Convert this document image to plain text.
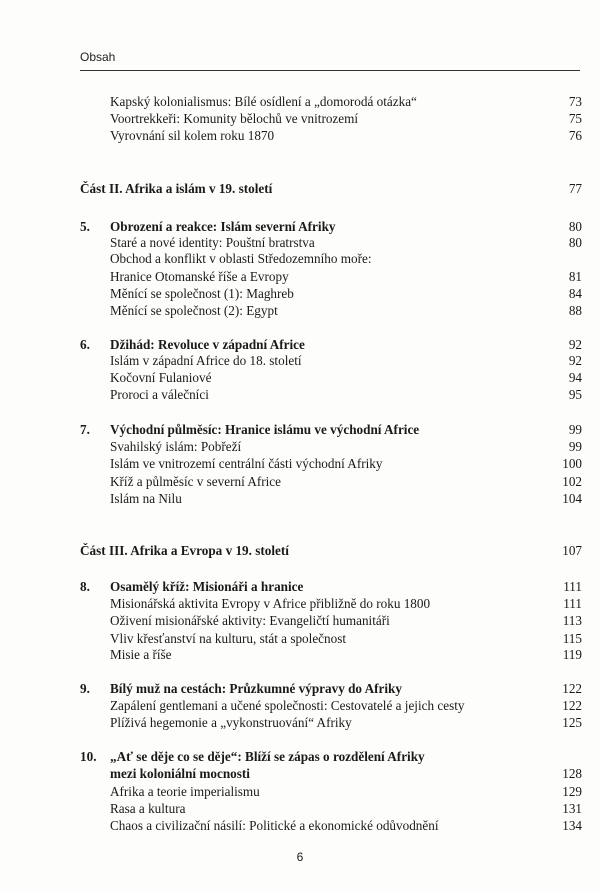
Obsah
Kapský kolonialismus: Bílé osídlení a „domorodá otázka“	73
Voortrekkeři: Komunity bělochů ve vnitrozemí	75
Vyrovnání sil kolem roku 1870	76
Část II. Afrika a islám v 19. století	77
5.	Obrození a reakce: Islám severní Afriky	80
Staré a nové identity: Pouštní bratrstva	80
Obchod a konflikt v oblasti Středozemního moře:
Hranice Otomanské říše a Evropy	81
Měnící se společnost (1): Maghreb	84
Měnící se společnost (2): Egypt	88
6.	Džihád: Revoluce v západní Africe	92
Islám v západní Africe do 18. století	92
Kočovní Fulaniové	94
Proroci a válečníci	95
7.	Východní půlměsíc: Hranice islámu ve východní Africe	99
Svahilský islám: Pobřeží	99
Islám ve vnitrozemí centrální části východní Afriky	100
Kříž a půlměsíc v severní Africe	102
Islám na Nilu	104
Část III. Afrika a Evropa v 19. století	107
8.	Osamělý kříž: Misionáři a hranice	111
Misionářská aktivita Evropy v Africe přibližně do roku 1800	111
Oživení misionářské aktivity: Evangeličtí humanitáři	113
Vliv křesťanství na kulturu, stát a společnost	115
Misie a říše	119
9.	Bílý muž na cestách: Průzkumné výpravy do Afriky	122
Zapálení gentlemani a učené společnosti: Cestovatelé a jejich cesty	122
Plíživá hegemonie a „vykonstruování“ Afriky	125
10.	„Ať se děje co se děje“: Blíží se zápas o rozdělení Afriky
mezi koloniální mocnosti	128
Afrika a teorie imperialismu	129
Rasa a kultura	131
Chaos a civilizační násilí: Politické a ekonomické odůvodnění	134
6
